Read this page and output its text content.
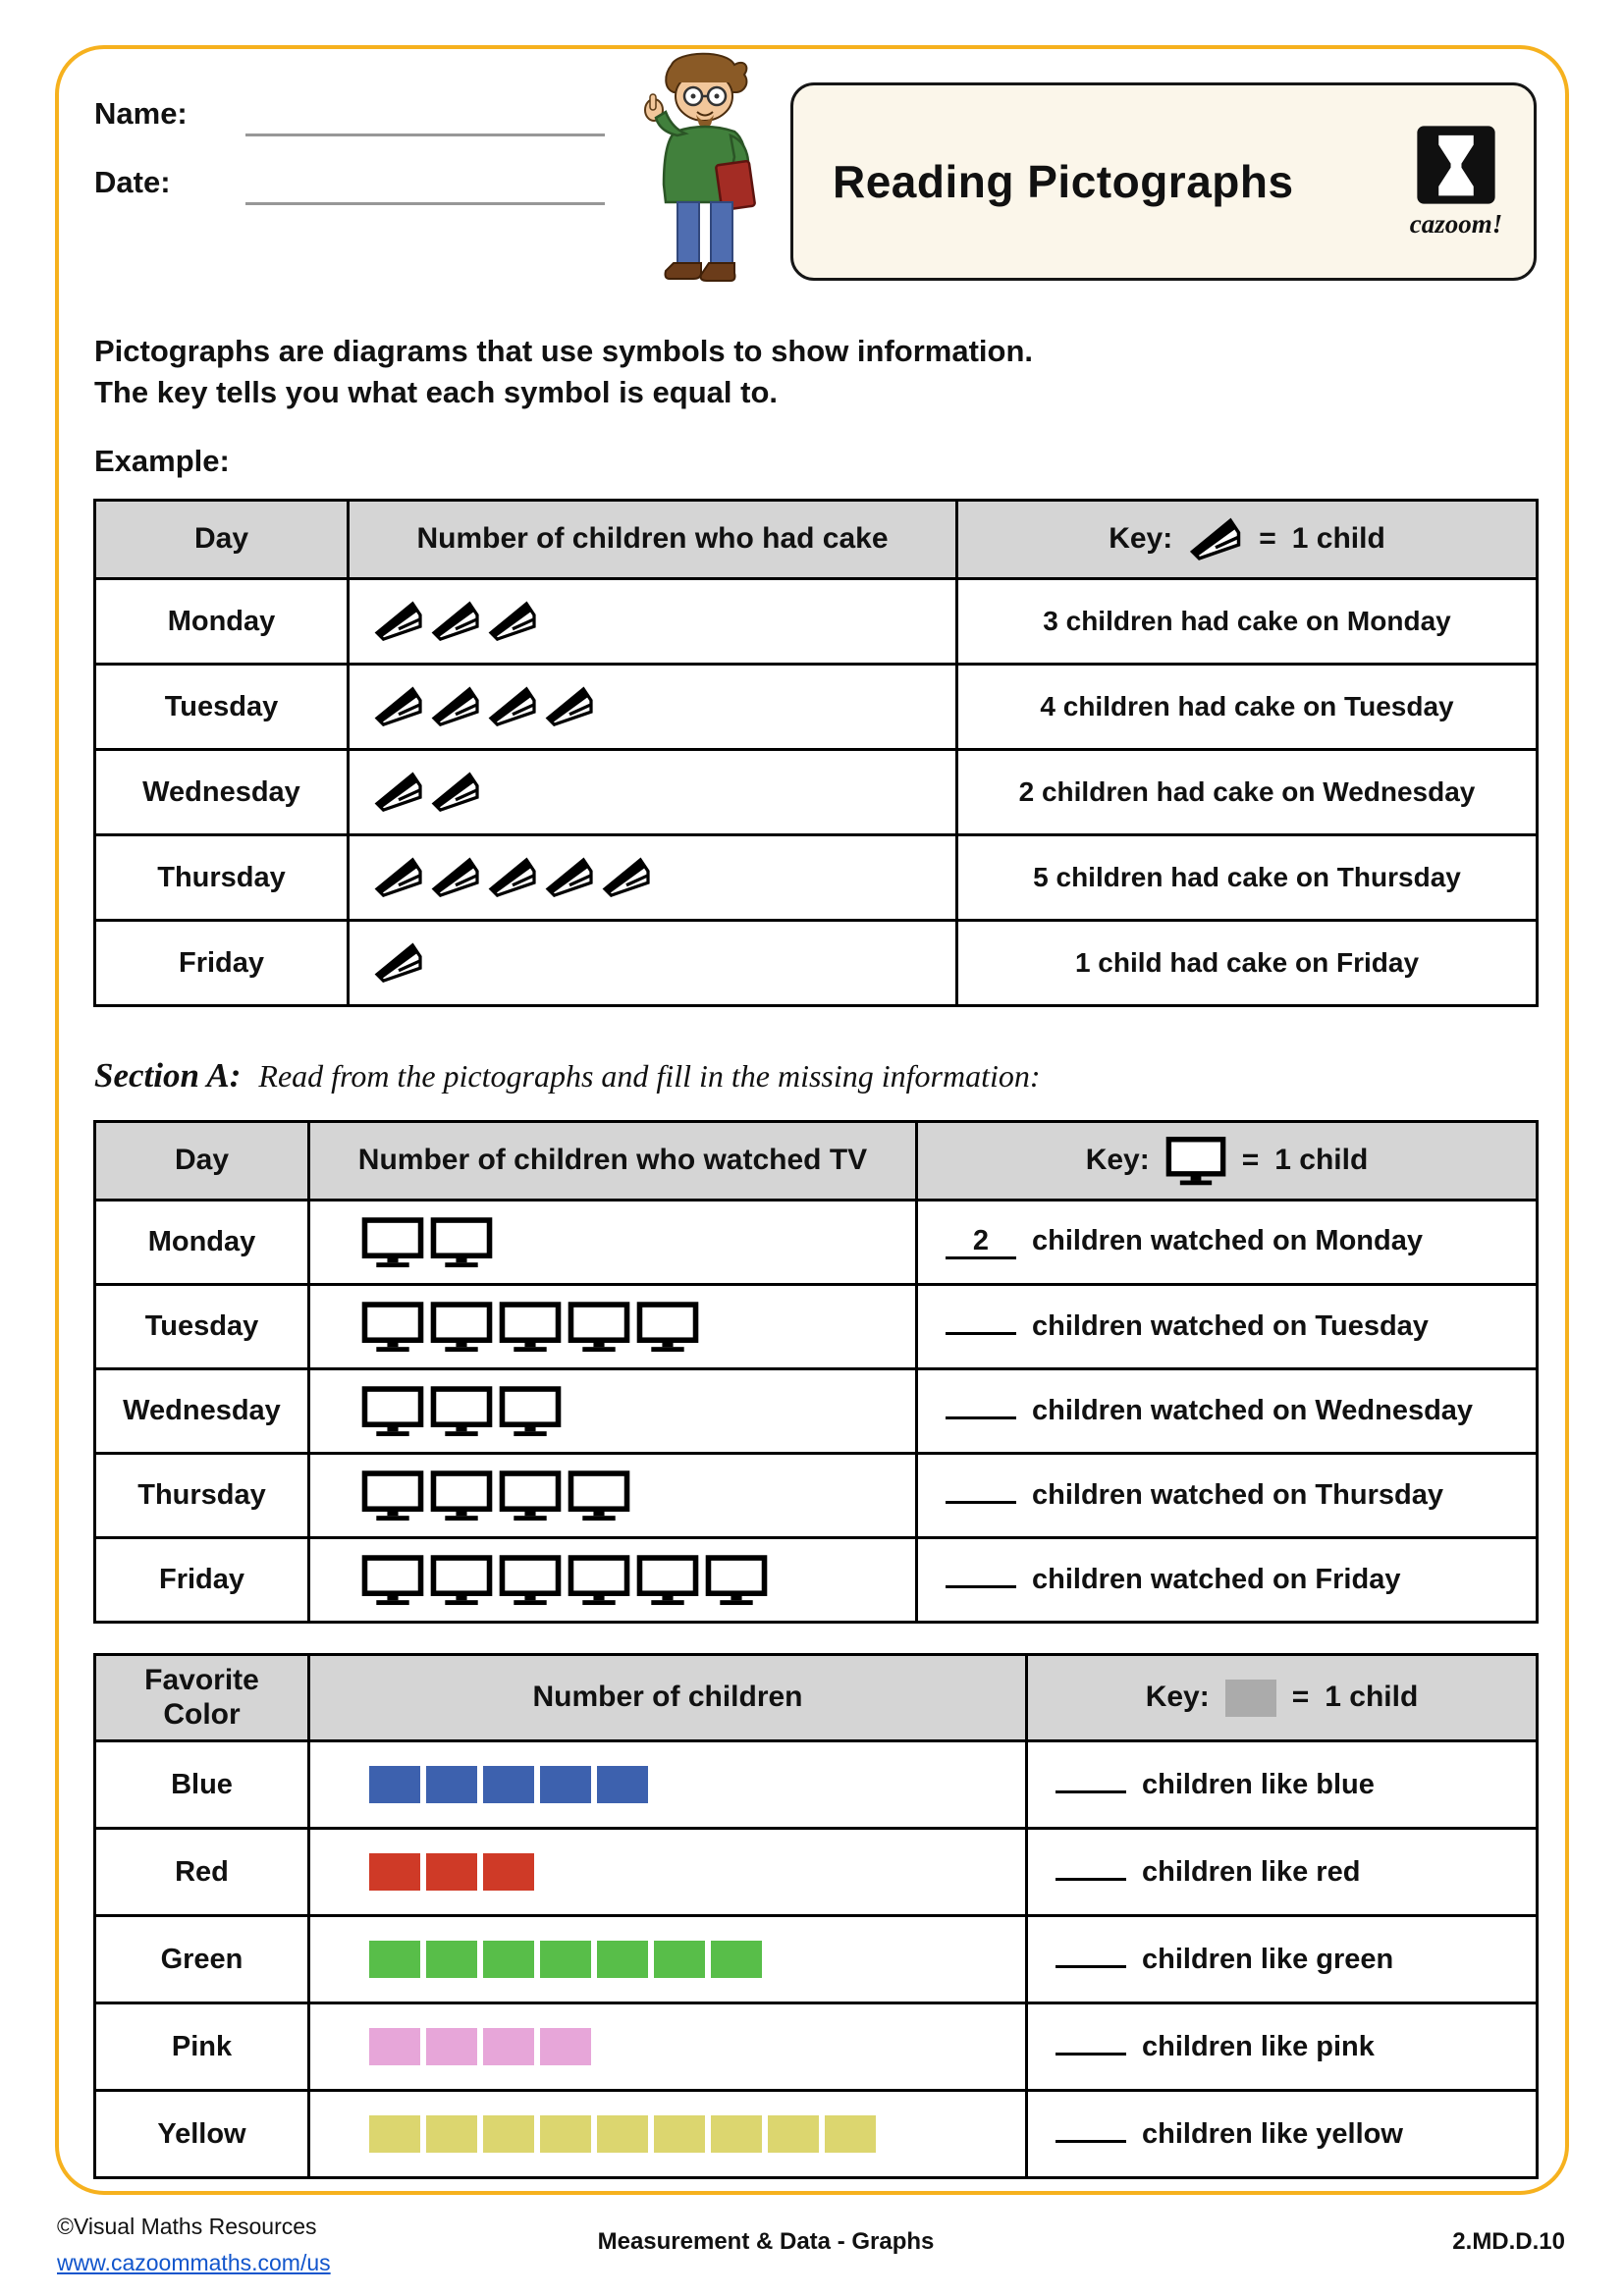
Name:
Date:	Reading Pictographs
cazoom!
Pictographs are diagrams that use symbols to show information.
The key tells you what each symbol is equal to.
Example:
Day	Number of children who had cake	Key: = 1 child

Monday		3 children had cake on Monday
Tuesday		4 children had cake on Tuesday
Wednesday		2 children had cake on Wednesday
Thursday		5 children had cake on Thursday
Friday		1 child had cake on Friday
Section A: Read from the pictographs and fill in the missing information:
Day	Number of children who watched TV	Key: = 1 child

Monday		2 children watched on Monday
Tuesday		children watched on Tuesday
Wednesday		children watched on Wednesday
Thursday		children watched on Thursday
Friday		children watched on Friday
Favorite Color	Number of children	Key: = 1 child

Blue		children like blue
Red		children like red
Green		children like green
Pink		children like pink
Yellow		children like yellow
©Visual Maths Resources
www.cazoommaths.com/us
Measurement & Data - Graphs	2.MD.D.10
